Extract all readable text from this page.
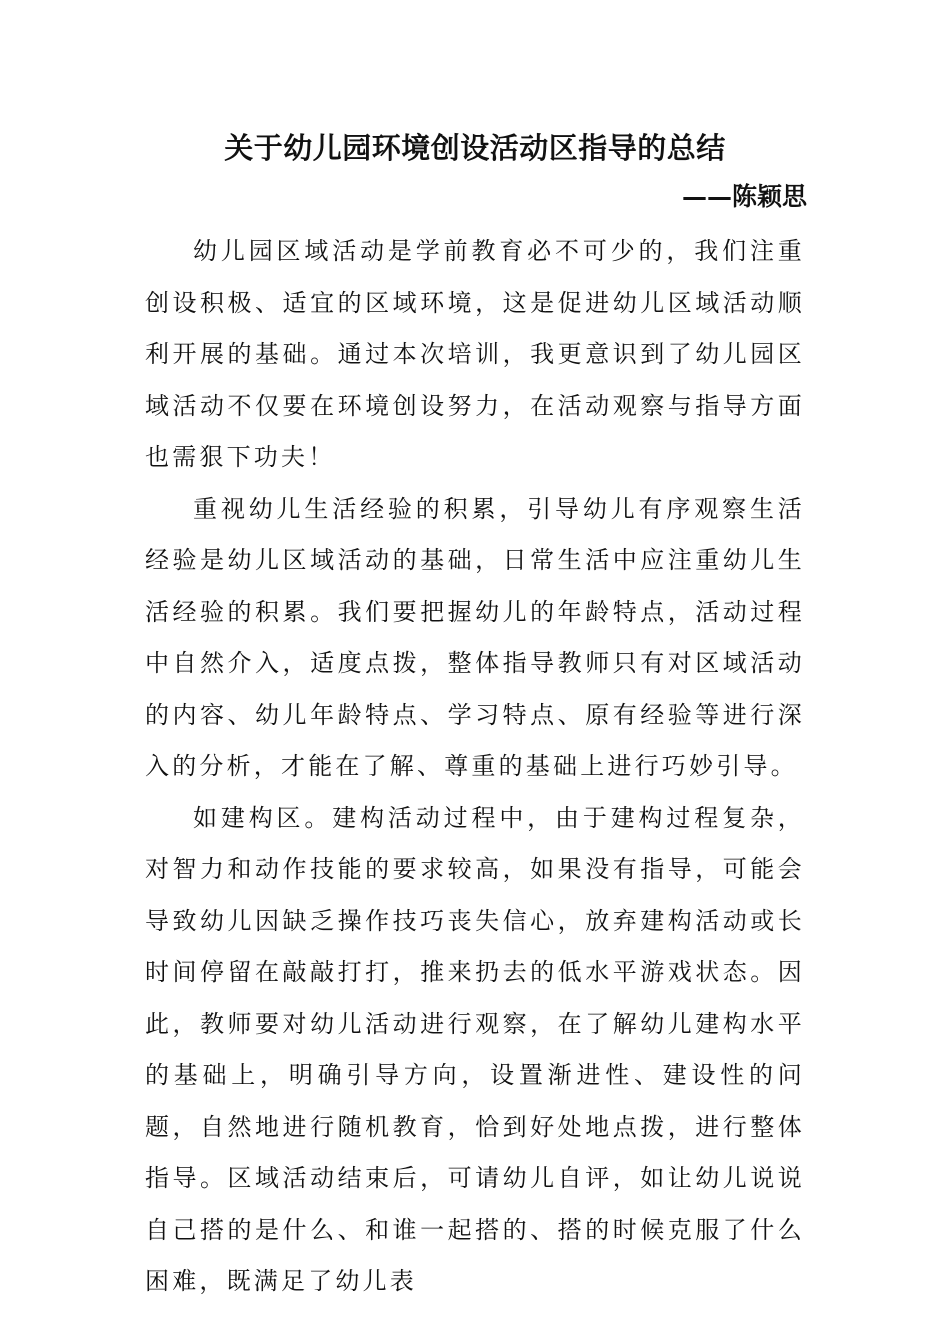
关于幼儿园环境创设活动区指导的总结
——陈颖思

幼儿园区域活动是学前教育必不可少的，我们注重创设积极、适宜的区域环境，这是促进幼儿区域活动顺利开展的基础。通过本次培训，我更意识到了幼儿园区域活动不仅要在环境创设努力，在活动观察与指导方面也需狠下功夫！

重视幼儿生活经验的积累，引导幼儿有序观察生活经验是幼儿区域活动的基础，日常生活中应注重幼儿生活经验的积累。我们要把握幼儿的年龄特点，活动过程中自然介入，适度点拨，整体指导教师只有对区域活动的内容、幼儿年龄特点、学习特点、原有经验等进行深入的分析，才能在了解、尊重的基础上进行巧妙引导。

如建构区。建构活动过程中，由于建构过程复杂，对智力和动作技能的要求较高，如果没有指导，可能会导致幼儿因缺乏操作技巧丧失信心，放弃建构活动或长时间停留在敲敲打打，推来扔去的低水平游戏状态。因此，教师要对幼儿活动进行观察，在了解幼儿建构水平的基础上，明确引导方向，设置渐进性、建设性的问题，自然地进行随机教育，恰到好处地点拨，进行整体指导。区域活动结束后，可请幼儿自评，如让幼儿说说自己搭的是什么、和谁一起搭的、搭的时候克服了什么困难，既满足了幼儿表
